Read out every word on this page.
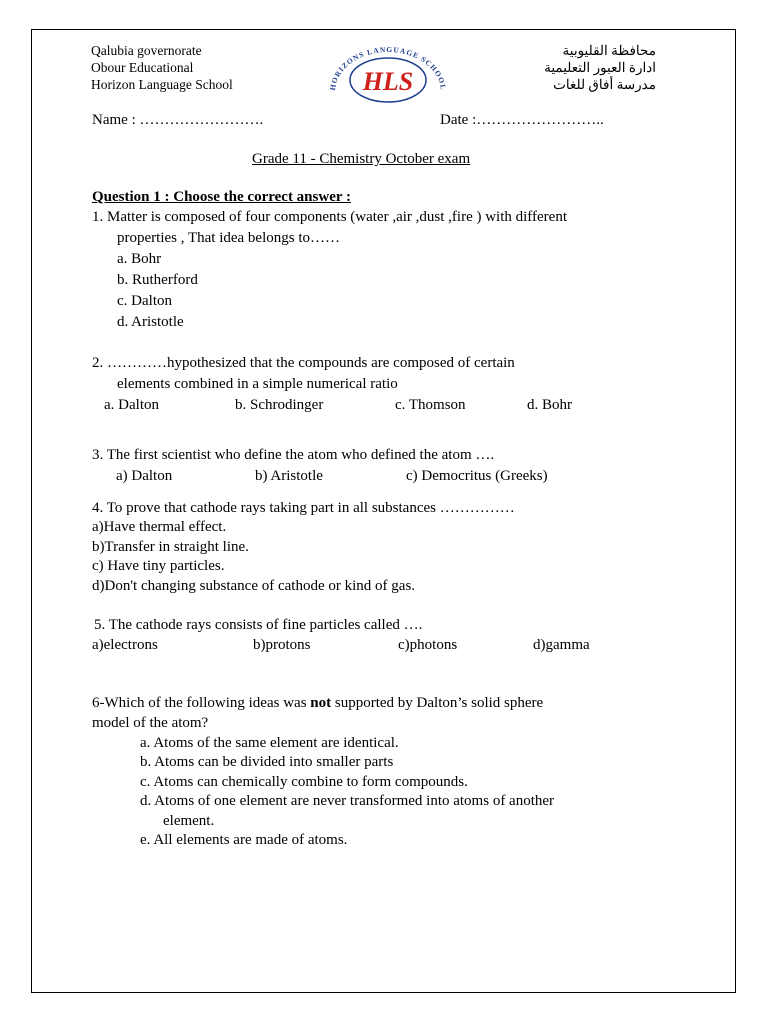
Qalubia governorate
Obour Educational
Horizon Language School
محافظة القليوبية
ادارة العبور التعليمية
مدرسة أفاق للغات
HORIZONS LANGUAGE SCHOOL
HLS
Name : …………………….	Date :……………………..
Grade 11 - Chemistry October exam
Question 1 : Choose the correct answer :
1. Matter is composed of four components (water ,air ,dust ,fire ) with different
properties , That idea belongs to……
a. Bohr
b. Rutherford
c. Dalton
d. Aristotle
2. …………hypothesized that the compounds are composed of certain
elements combined in a simple numerical ratio
a. Dalton	b. Schrodinger	c. Thomson	d. Bohr
3. The first scientist who define the atom who defined the atom ….
a) Dalton	b) Aristotle	c) Democritus (Greeks)
4. To prove that cathode rays taking part in all substances ……………
a)Have thermal effect.
b)Transfer in straight line.
c) Have tiny particles.
d)Don't changing substance of cathode or kind of gas.
5. The cathode rays consists of fine particles called ….
a)electrons	b)protons	c)photons	d)gamma
6-Which of the following ideas was not supported by Dalton’s solid sphere
model of the atom?
a. Atoms of the same element are identical.
b. Atoms can be divided into smaller parts
c. Atoms can chemically combine to form compounds.
d. Atoms of one element are never transformed into atoms of another
element.
e. All elements are made of atoms.
